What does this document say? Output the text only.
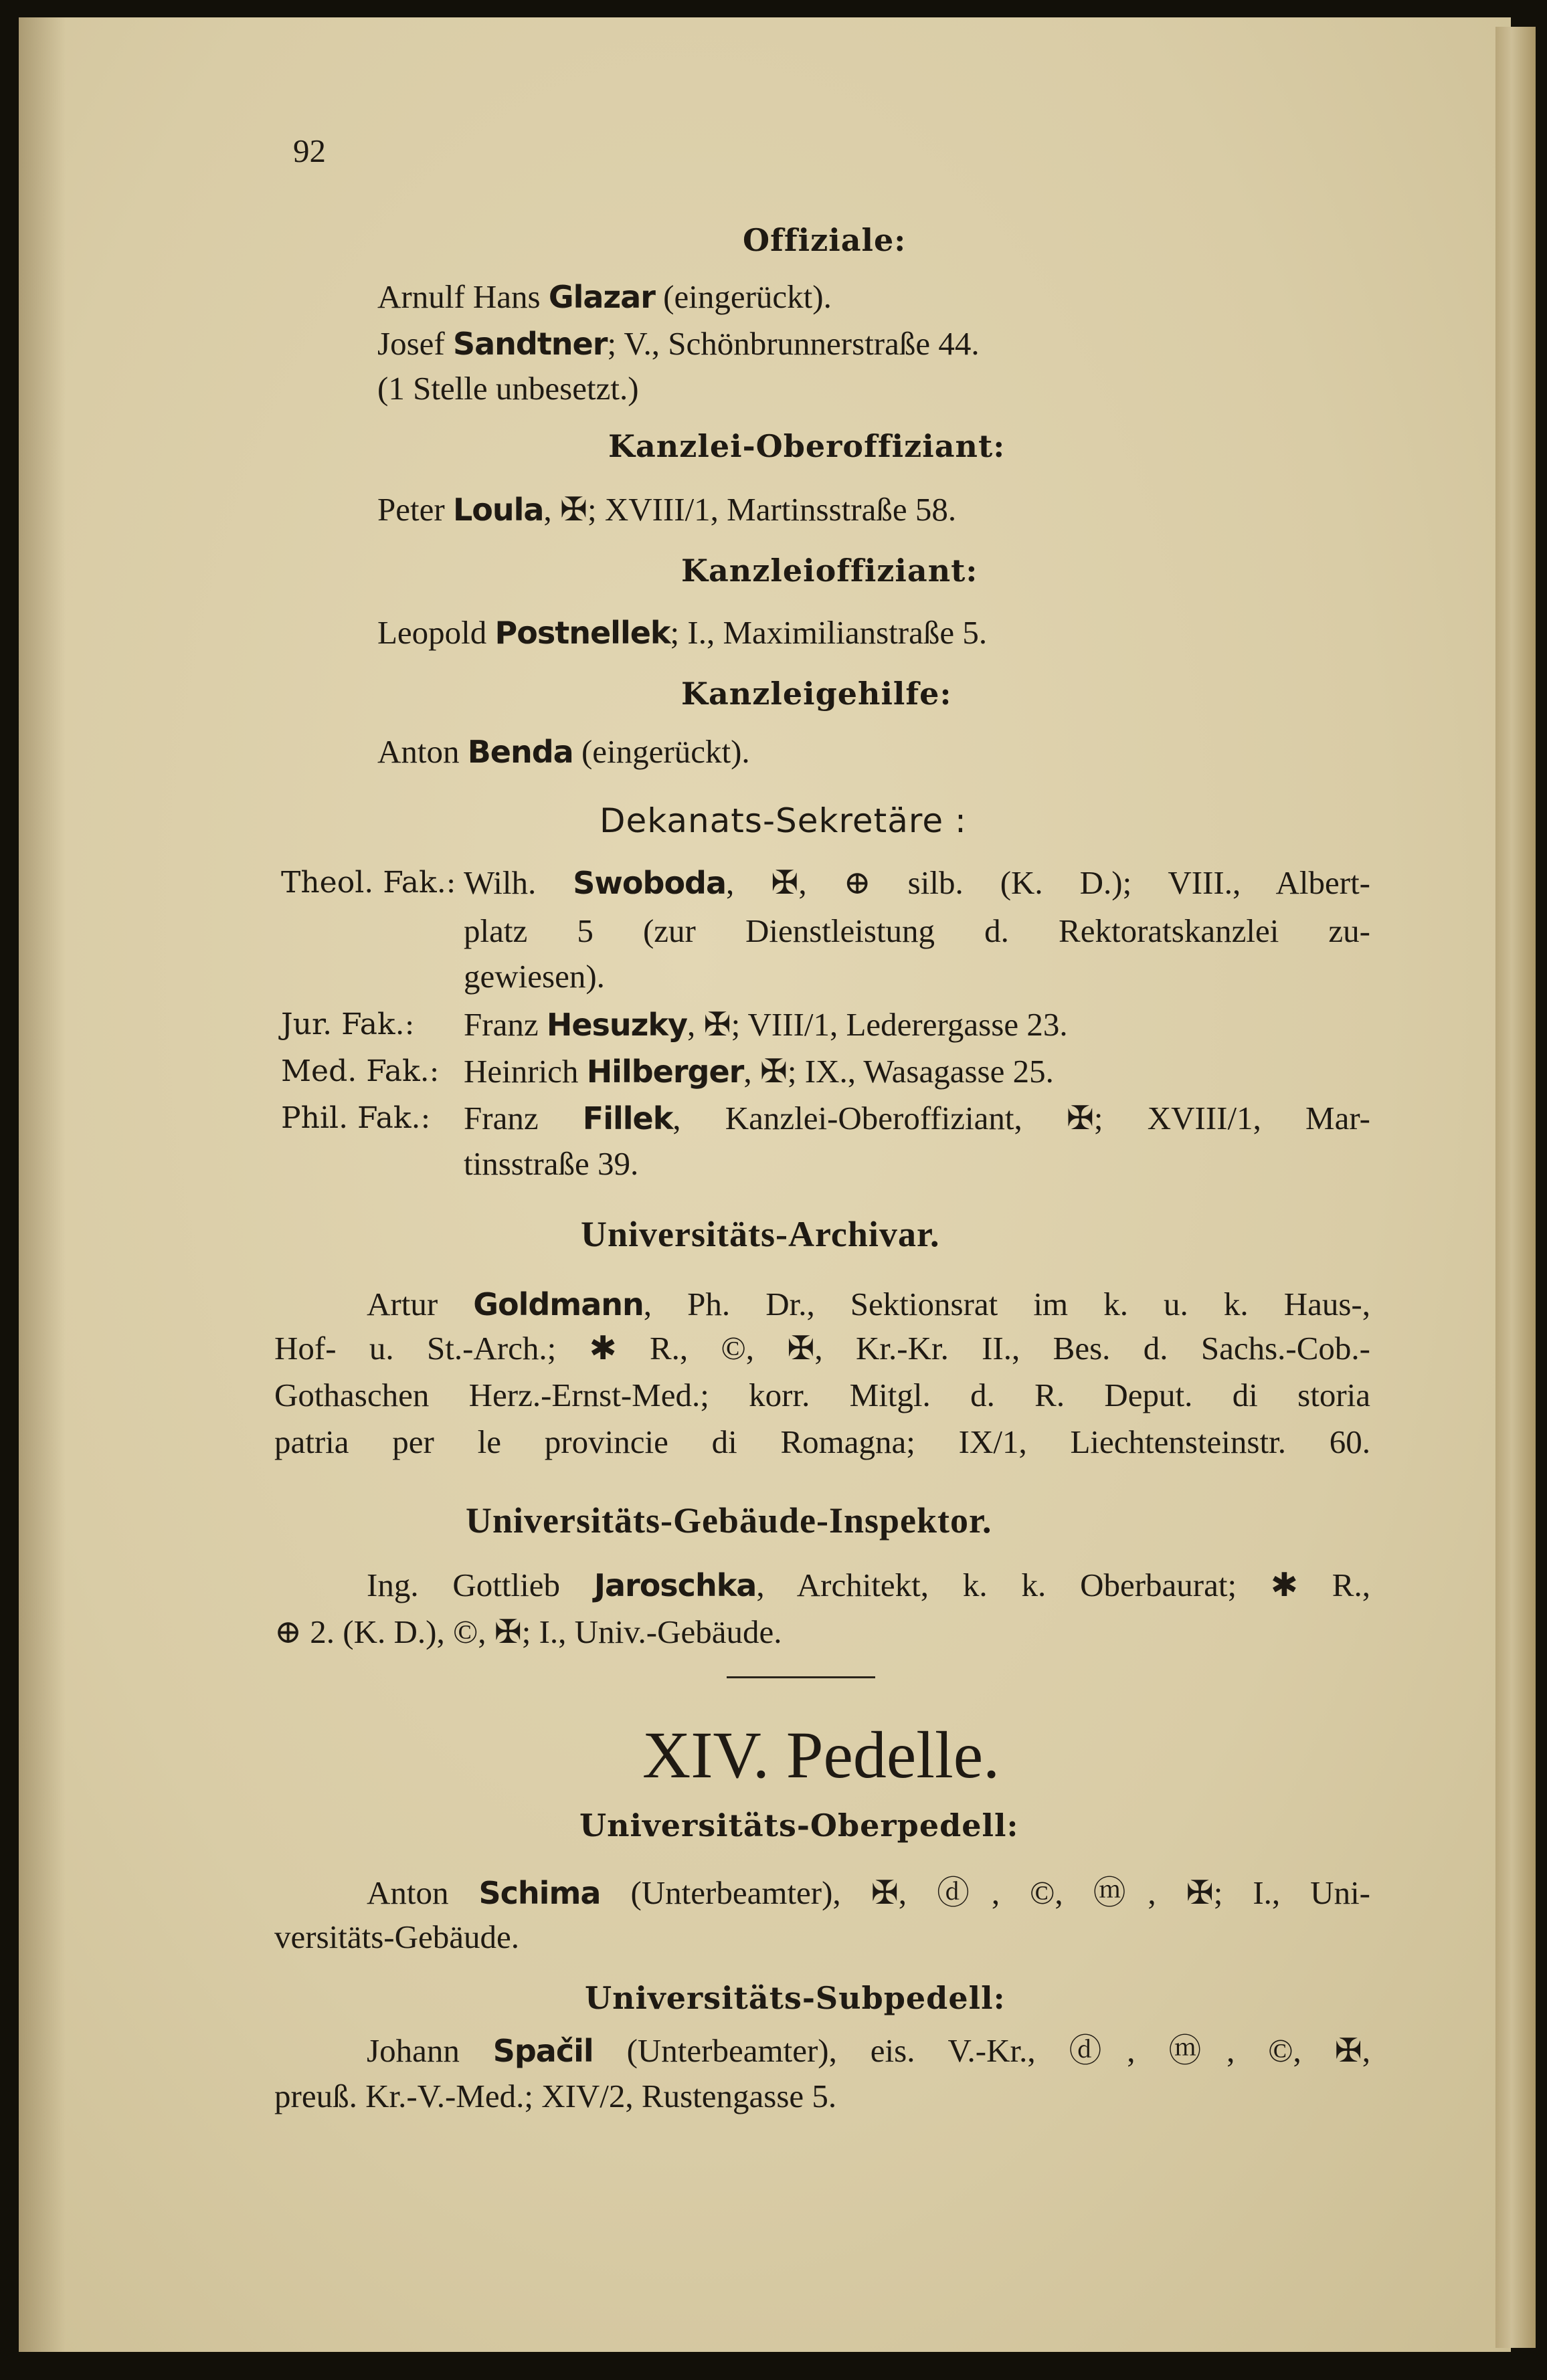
92
Offiziale:
Arnulf Hans Glazar (eingerückt).
Josef Sandtner; V., Schönbrunnerstraße 44.
(1 Stelle unbesetzt.)
Kanzlei-Oberoffiziant:
Peter Loula, ✠; XVIII/1, Martinsstraße 58.
Kanzleioffiziant:
Leopold Postnellek; I., Maximilianstraße 5.
Kanzleigehilfe:
Anton Benda (eingerückt).
Dekanats-Sekretäre :
Theol. Fak.: Wilh. Swoboda, ✠, ⊕ silb. (K. D.); VIII., Albert-
platz 5 (zur Dienstleistung d. Rektoratskanzlei zu-
gewiesen).
Jur. Fak.: Franz Hesuzky, ✠; VIII/1, Lederergasse 23.
Med. Fak.: Heinrich Hilberger, ✠; IX., Wasagasse 25.
Phil. Fak.: Franz Fillek, Kanzlei-Oberoffiziant, ✠; XVIII/1, Mar-
tinsstraße 39.
Universitäts-Archivar.
Artur Goldmann, Ph. Dr., Sektionsrat im k. u. k. Haus-,
Hof- u. St.-Arch.; ✱ R., ©, ✠, Kr.-Kr. II., Bes. d. Sachs.-Cob.-
Gothaschen Herz.-Ernst-Med.; korr. Mitgl. d. R. Deput. di storia
patria per le provincie di Romagna; IX/1, Liechtensteinstr. 60.
Universitäts-Gebäude-Inspektor.
Ing. Gottlieb Jaroschka, Architekt, k. k. Oberbaurat; ✱ R.,
⊕ 2. (K. D.), ©, ✠; I., Univ.-Gebäude.
XIV. Pedelle.
Universitäts-Oberpedell:
Anton Schima (Unterbeamter), ✠, ⓓ, ©, ⓜ, ✠; I., Uni-
versitäts-Gebäude.
Universitäts-Subpedell:
Johann Spačil (Unterbeamter), eis. V.-Kr., ⓓ, ⓜ, ©, ✠,
preuß. Kr.-V.-Med.; XIV/2, Rustengasse 5.
